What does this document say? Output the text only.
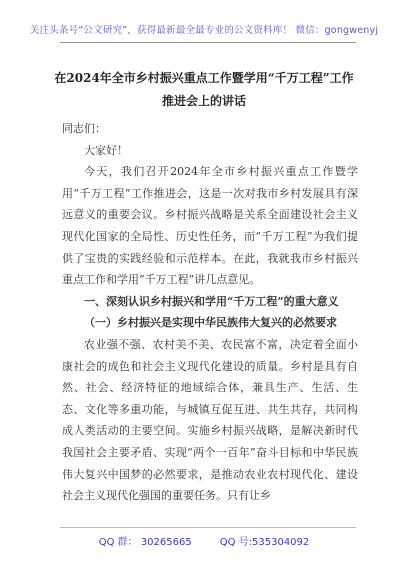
关注头条号“公文研究”，获得最新最全最专业的公文资料库！ 微信：gongwenyj
在2024年全市乡村振兴重点工作暨学用“千万工程”工作
推进会上的讲话

同志们：

大家好！

今天，我们召开2024年全市乡村振兴重点工作暨学用“千万工程”工作推进会，这是一次对我市乡村发展具有深远意义的重要会议。乡村振兴战略是关系全面建设社会主义现代化国家的全局性、历史性任务，而“千万工程”为我们提供了宝贵的实践经验和示范样本。在此，我就我市乡村振兴重点工作和学用“千万工程”讲几点意见。

一、深刻认识乡村振兴和学用“千万工程”的重大意义

（一）乡村振兴是实现中华民族伟大复兴的必然要求

农业强不强、农村美不美、农民富不富，决定着全面小康社会的成色和社会主义现代化建设的质量。乡村是具有自然、社会、经济特征的地域综合体，兼具生产、生活、生态、文化等多重功能，与城镇互促互进、共生共存，共同构成人类活动的主要空间。实施乡村振兴战略，是解决新时代我国社会主要矛盾、实现“两个一百年”奋斗目标和中华民族伟大复兴中国梦的必然要求，是推动农业农村现代化、建设社会主义现代化强国的重要任务。只有让乡

QQ 群： 30265665	QQ 号:535304092
